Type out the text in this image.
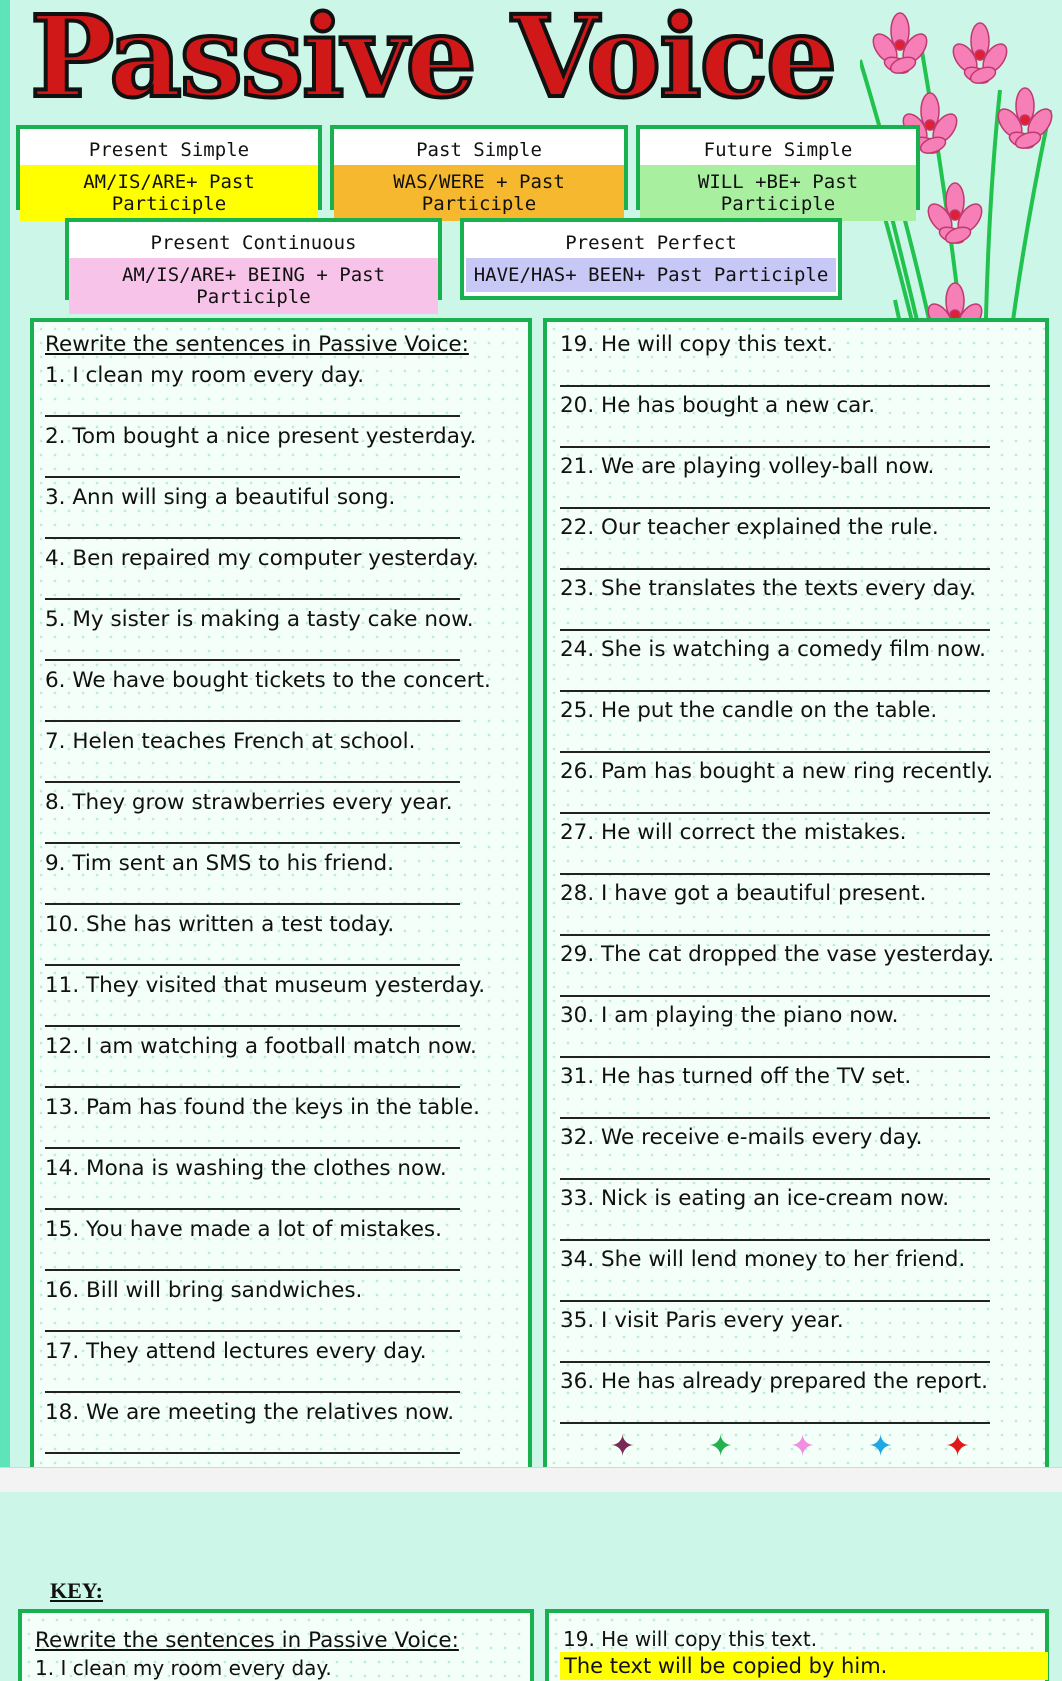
Passive Voice
Present Simple
AM/IS/ARE+ Past Participle
Past Simple
WAS/WERE + Past Participle
Future Simple
WILL +BE+ Past Participle
Present Continuous
AM/IS/ARE+ BEING + Past Participle
Present Perfect
HAVE/HAS+ BEEN+ Past Participle
Rewrite the sentences in Passive Voice:
1. I clean my room every day.
2. Tom bought a nice present yesterday.
3. Ann will sing a beautiful song.
4. Ben repaired my computer yesterday.
5. My sister is making a tasty cake now.
6. We have bought tickets to the concert.
7. Helen teaches French at school.
8. They grow strawberries every year.
9. Tim sent an SMS to his friend.
10. She has written a test today.
11. They visited that museum yesterday.
12. I am watching a football match now.
13. Pam has found the keys in the table.
14. Mona is washing the clothes now.
15. You have made a lot of mistakes.
16. Bill will bring sandwiches.
17. They attend lectures every day.
18. We are meeting the relatives now.
19. He will copy this text.
20. He has bought a new car.
21. We are playing volley-ball now.
22. Our teacher explained the rule.
23. She translates the texts every day.
24. She is watching a comedy film now.
25. He put the candle on the table.
26. Pam has bought a new ring recently.
27. He will correct the mistakes.
28. I have got a beautiful present.
29. The cat dropped the vase yesterday.
30. I am playing the piano now.
31. He has turned off the TV set.
32. We receive e-mails every day.
33. Nick is eating an ice-cream now.
34. She will lend money to her friend.
35. I visit Paris every year.
36. He has already prepared the report.
✦ ✦ ✦ ✦ ✦
KEY:
Rewrite the sentences in Passive Voice:
1. I clean my room every day.
19. He will copy this text.
The text will be copied by him.
